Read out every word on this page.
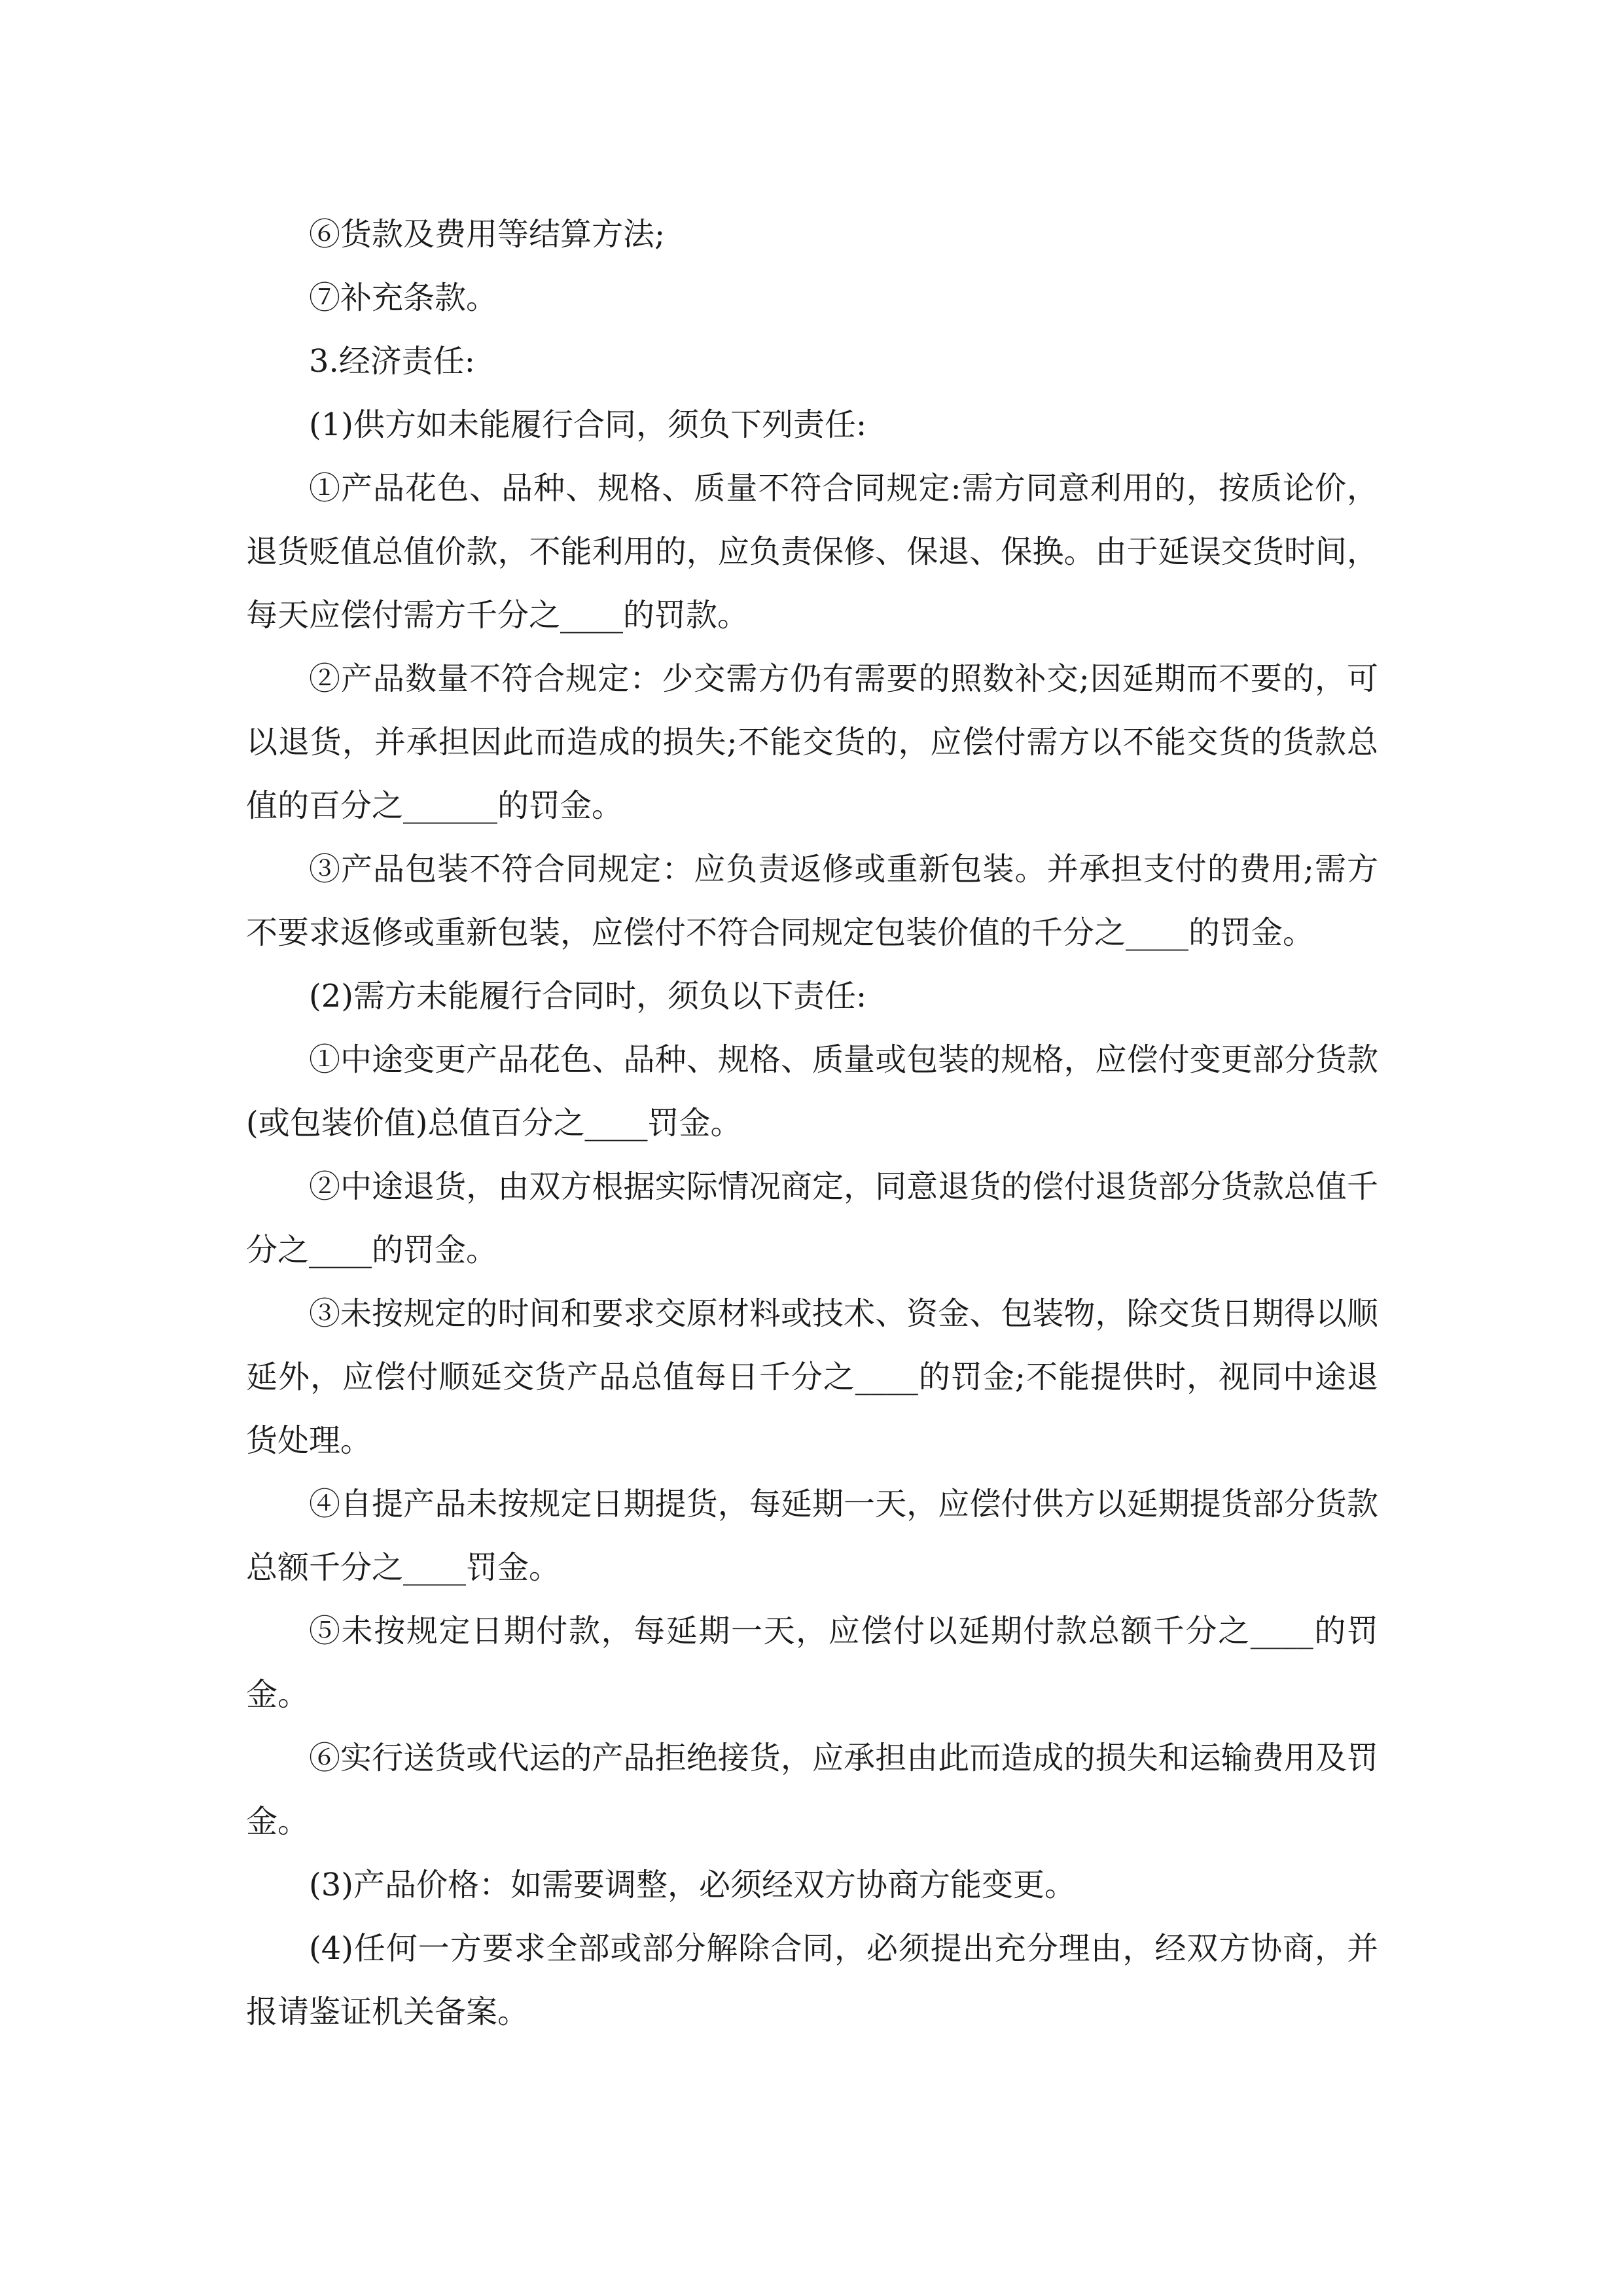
⑥货款及费用等结算方法;

⑦补充条款。

3.经济责任:

(1)供方如未能履行合同，须负下列责任:

①产品花色、品种、规格、质量不符合同规定:需方同意利用的，按质论价，退货贬值总值价款，不能利用的，应负责保修、保退、保换。由于延误交货时间，每天应偿付需方千分之____的罚款。

②产品数量不符合规定：少交需方仍有需要的照数补交;因延期而不要的，可以退货，并承担因此而造成的损失;不能交货的，应偿付需方以不能交货的货款总值的百分之______的罚金。

③产品包装不符合同规定：应负责返修或重新包装。并承担支付的费用;需方不要求返修或重新包装，应偿付不符合同规定包装价值的千分之____的罚金。

(2)需方未能履行合同时，须负以下责任:

①中途变更产品花色、品种、规格、质量或包装的规格，应偿付变更部分货款(或包装价值)总值百分之____罚金。

②中途退货，由双方根据实际情况商定，同意退货的偿付退货部分货款总值千分之____的罚金。

③未按规定的时间和要求交原材料或技术、资金、包装物，除交货日期得以顺延外，应偿付顺延交货产品总值每日千分之____的罚金;不能提供时，视同中途退货处理。

④自提产品未按规定日期提货，每延期一天，应偿付供方以延期提货部分货款总额千分之____罚金。

⑤未按规定日期付款，每延期一天，应偿付以延期付款总额千分之____的罚金。

⑥实行送货或代运的产品拒绝接货，应承担由此而造成的损失和运输费用及罚金。

(3)产品价格：如需要调整，必须经双方协商方能变更。

(4)任何一方要求全部或部分解除合同，必须提出充分理由，经双方协商，并报请鉴证机关备案。
